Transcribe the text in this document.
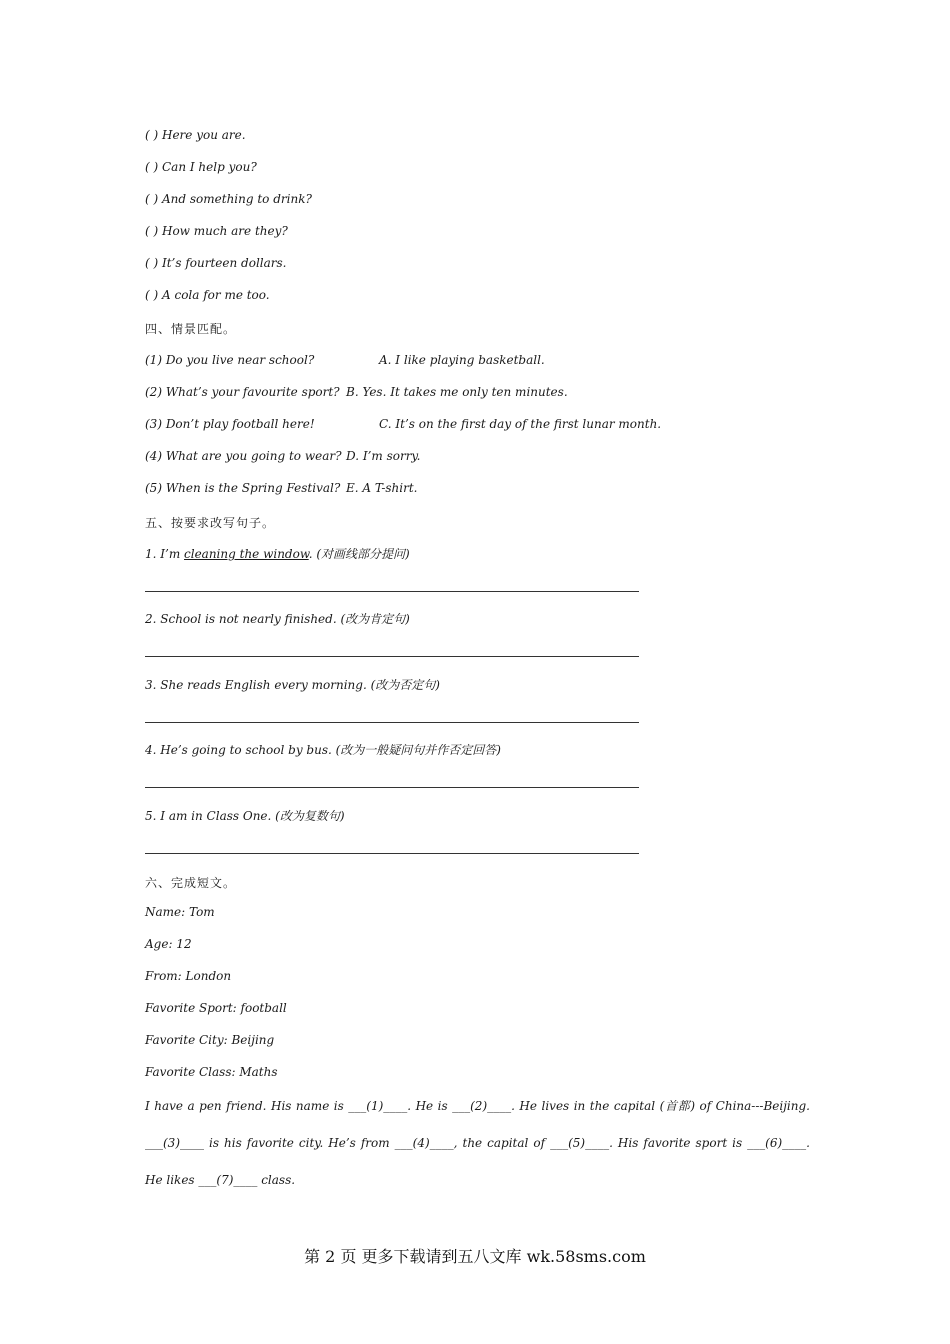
( ) Here you are.
( ) Can I help you?
( ) And something to drink?
( ) How much are they?
( ) It’s fourteen dollars.
( ) A cola for me too.
四、情景匹配。
(1) Do you live near school?	A. I like playing basketball.
(2) What’s your favourite sport? B. Yes. It takes me only ten minutes.
(3) Don’t play football here!	C. It’s on the first day of the first lunar month.
(4) What are you going to wear? D. I’m sorry.
(5) When is the Spring Festival? E. A T-shirt.
五、按要求改写句子。
1. I’m cleaning the window. (对画线部分提问)
2. School is not nearly finished. (改为肯定句)
3. She reads English every morning. (改为否定句)
4. He’s going to school by bus. (改为一般疑问句并作否定回答)
5. I am in Class One. (改为复数句)
六、完成短文。
Name: Tom
Age: 12
From: London
Favorite Sport: football
Favorite City: Beijing
Favorite Class: Maths
I have a pen friend. His name is ___(1)____. He is ___(2)____. He lives in the capital (首都) of China---Beijing. ___(3)____ is his favorite city. He’s from ___(4)____, the capital of ___(5)____. His favorite sport is ___(6)____. He likes ___(7)____ class.
第 2 页 更多下载请到五八文库 wk.58sms.com
